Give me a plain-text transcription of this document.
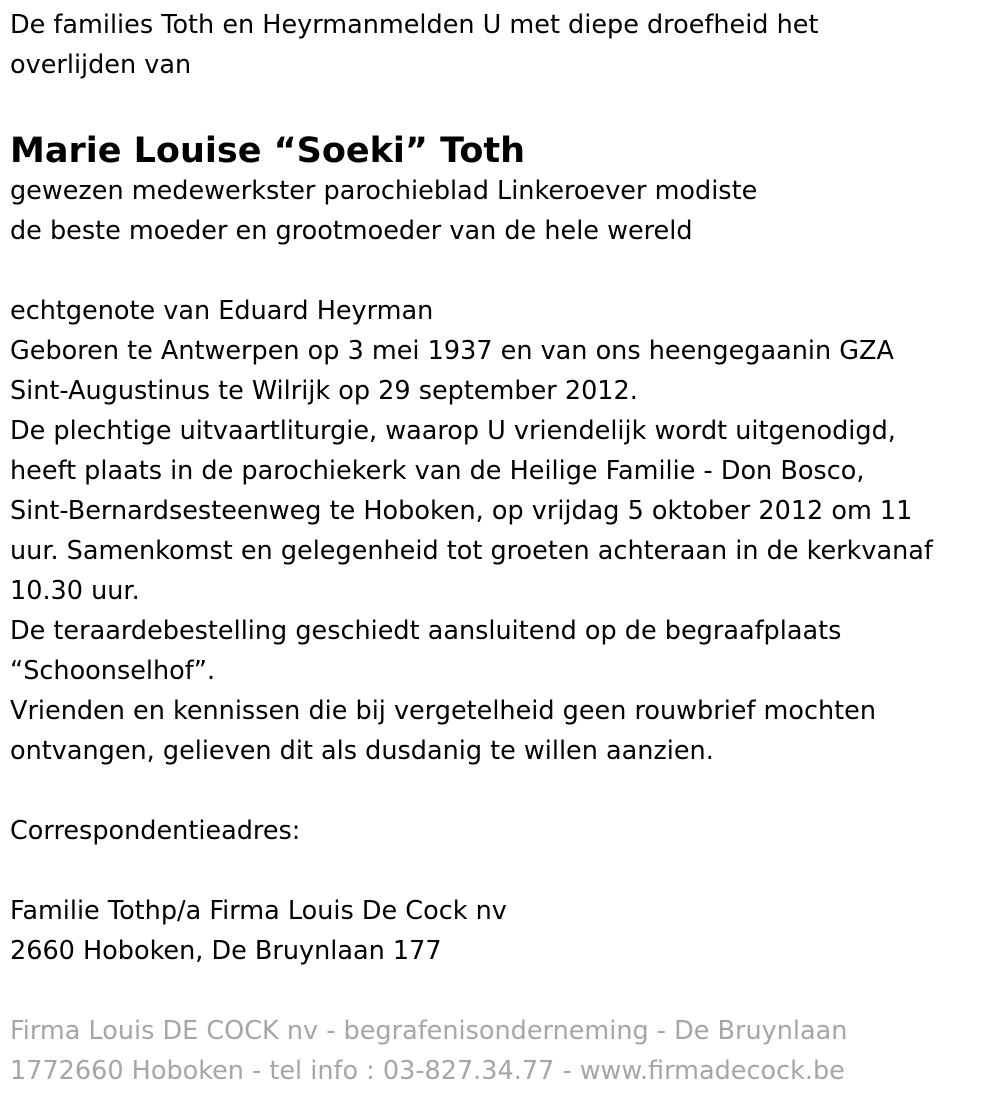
De families Toth en Heyrmanmelden U met diepe droefheid het
overlijden van
Marie Louise “Soeki” Toth
gewezen medewerkster parochieblad Linkeroever modiste
de beste moeder en grootmoeder van de hele wereld
echtgenote van Eduard Heyrman
Geboren te Antwerpen op 3 mei 1937 en van ons heengegaanin GZA
Sint-Augustinus te Wilrijk op 29 september 2012.
De plechtige uitvaartliturgie, waarop U vriendelijk wordt uitgenodigd,
heeft plaats in de parochiekerk van de Heilige Familie - Don Bosco,
Sint-Bernardsesteenweg te Hoboken, op vrijdag 5 oktober 2012 om 11
uur. Samenkomst en gelegenheid tot groeten achteraan in de kerkvanaf
10.30 uur.
De teraardebestelling geschiedt aansluitend op de begraafplaats
“Schoonselhof”.
Vrienden en kennissen die bij vergetelheid geen rouwbrief mochten
ontvangen, gelieven dit als dusdanig te willen aanzien.
Correspondentieadres:
Familie Tothp/a Firma Louis De Cock nv
2660 Hoboken, De Bruynlaan 177
Firma Louis DE COCK nv - begrafenisonderneming - De Bruynlaan
1772660 Hoboken - tel info : 03-827.34.77 - www.firmadecock.be
